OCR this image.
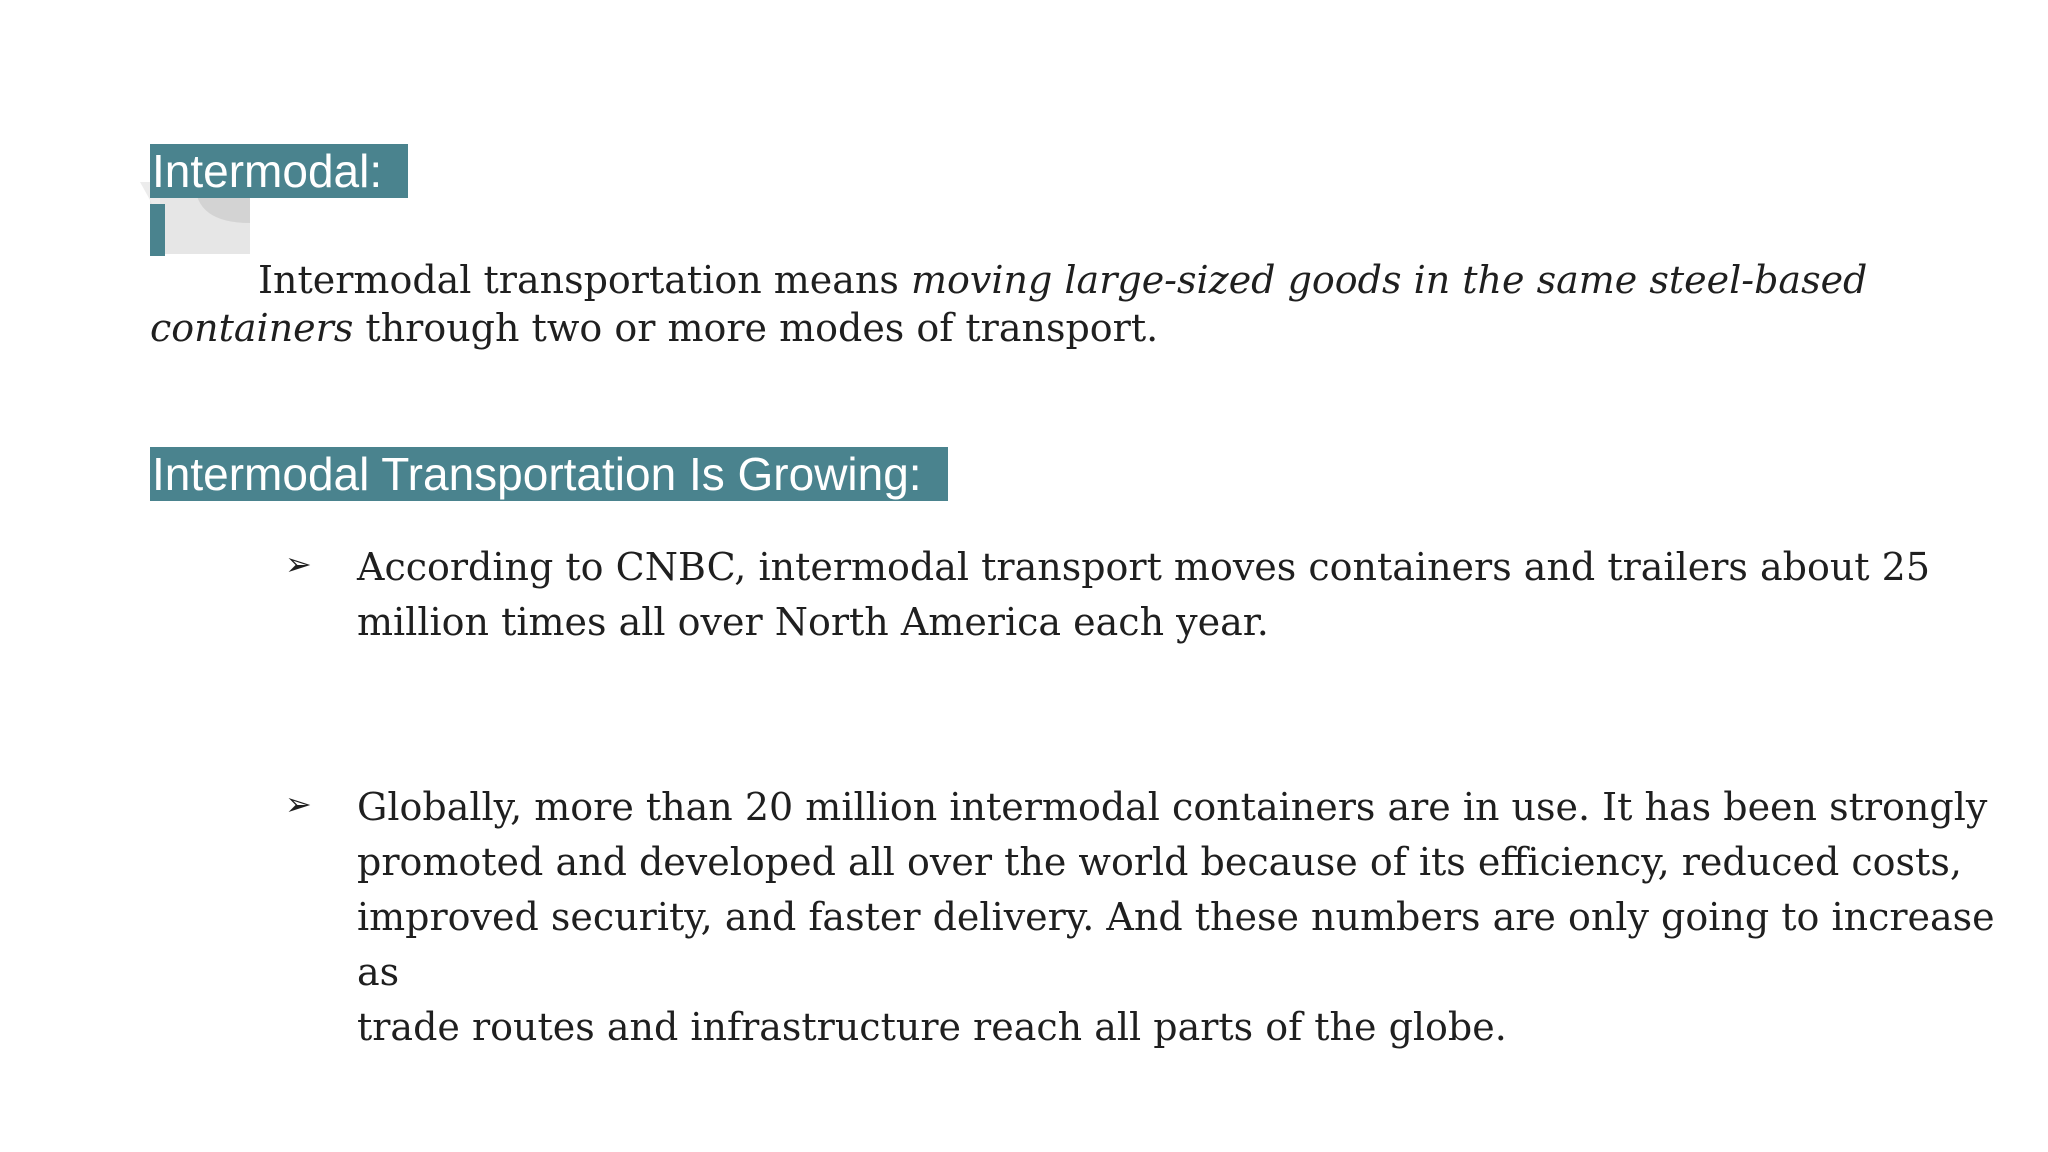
Intermodal:
Intermodal transportation means moving large-sized goods in the same steel-based
containers through two or more modes of transport.
Intermodal Transportation Is Growing:
➢ According to CNBC, intermodal transport moves containers and trailers about 25
million times all over North America each year.
➢ Globally, more than 20 million intermodal containers are in use. It has been strongly
promoted and developed all over the world because of its efficiency, reduced costs,
improved security, and faster delivery. And these numbers are only going to increase as
trade routes and infrastructure reach all parts of the globe.
